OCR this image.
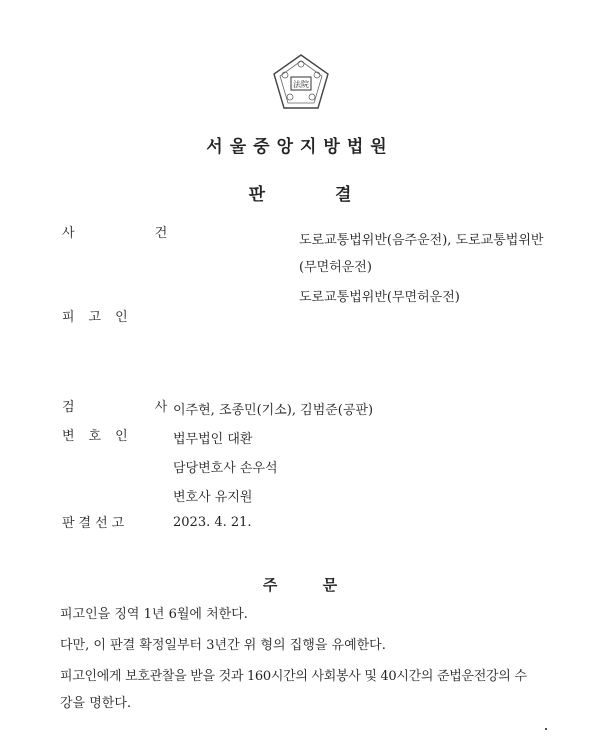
法院
서울중앙지방법원
판 결
사 건	도로교통법위반(음주운전), 도로교통법위반
(무면허운전)
도로교통법위반(무면허운전)
피고인
검 사
이주현, 조종민(기소), 김범준(공판)
변호인 법무법인 대환
담당변호사 손우석
변호사 유지원
판결선고	2023. 4. 21.
주 문
피고인을 징역 1년 6월에 처한다.
다만, 이 판결 확정일부터 3년간 위 형의 집행을 유예한다.
피고인에게 보호관찰을 받을 것과 160시간의 사회봉사 및 40시간의 준법운전강의 수
강을 명한다.
